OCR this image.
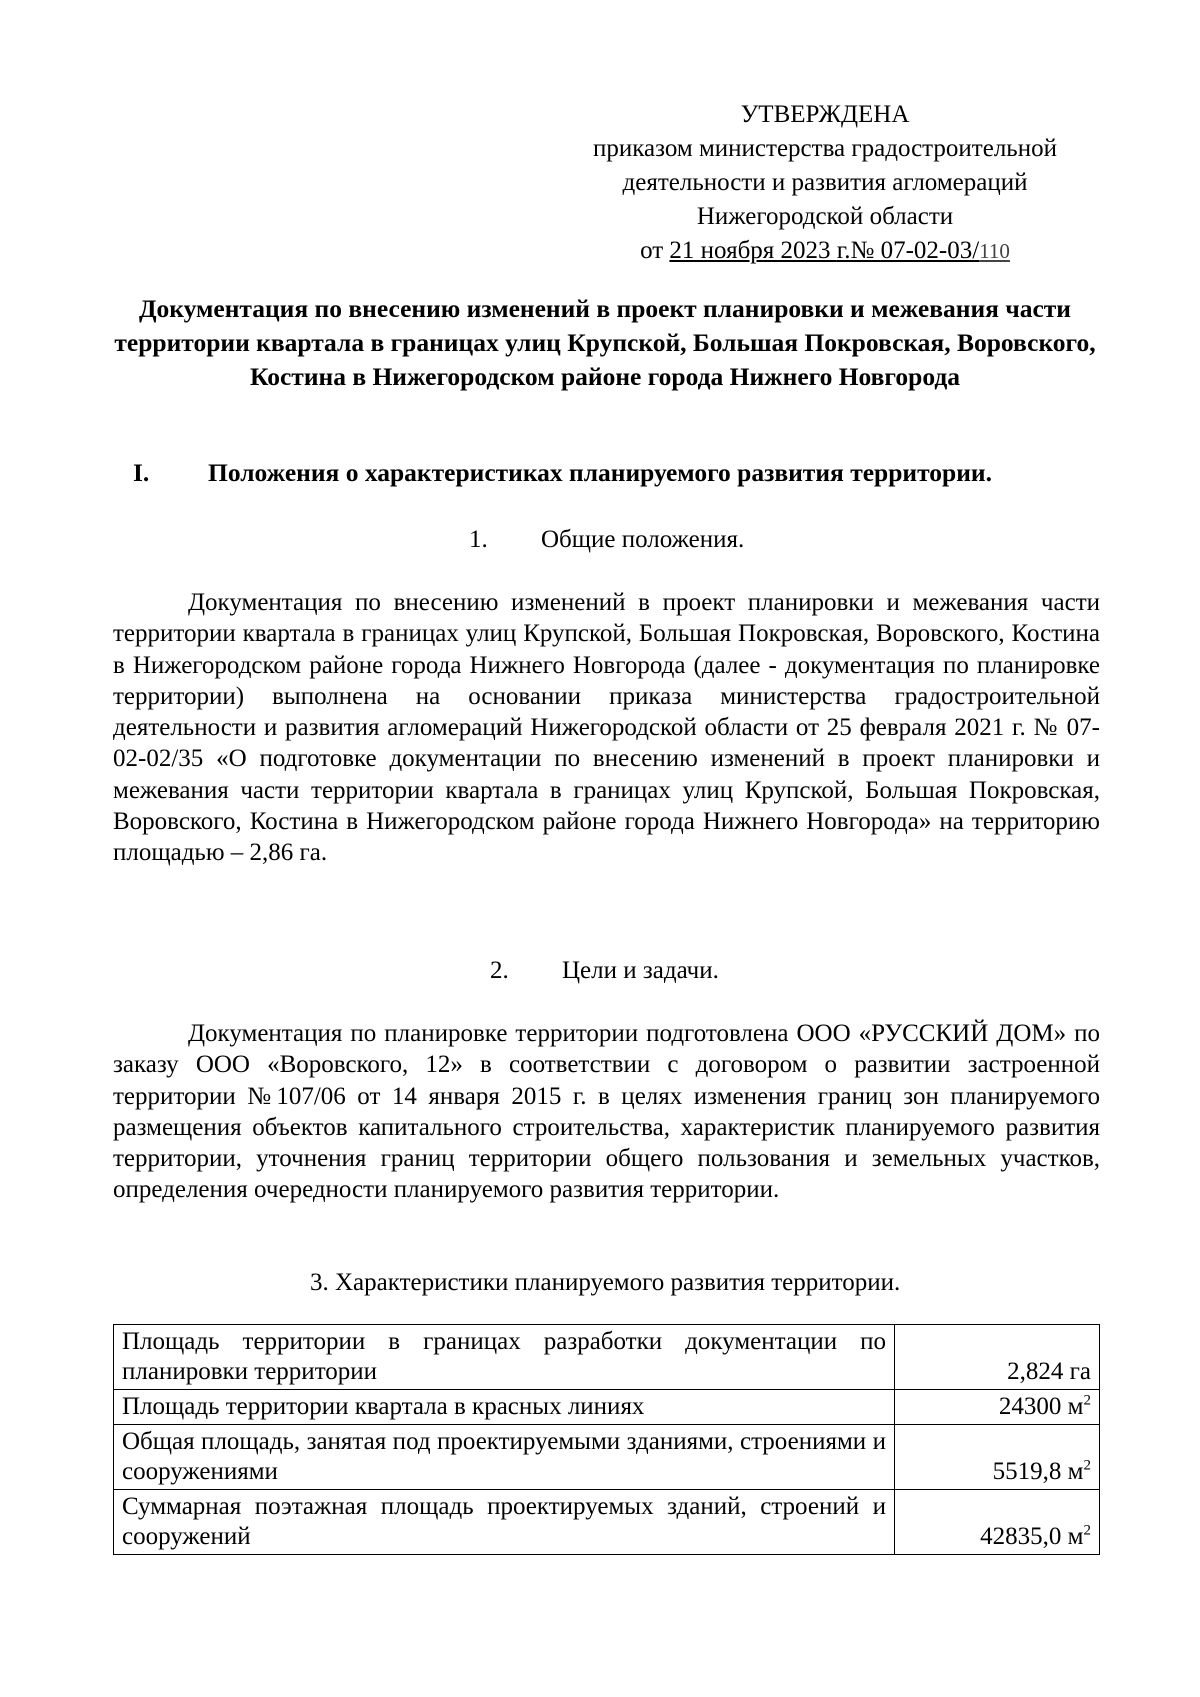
УТВЕРЖДЕНА
приказом министерства градостроительной
деятельности и развития агломераций
Нижегородской области
от 21 ноября 2023 г.№ 07-02-03/110
Документация по внесению изменений в проект планировки и межевания части территории квартала в границах улиц Крупской, Большая Покровская, Воровского, Костина в Нижегородском районе города Нижнего Новгорода
I. Положения о характеристиках планируемого развития территории.
1. Общие положения.
Документация по внесению изменений в проект планировки и межевания части территории квартала в границах улиц Крупской, Большая Покровская, Воровского, Костина в Нижегородском районе города Нижнего Новгорода (далее - документация по планировке территории) выполнена на основании приказа министерства градостроительной деятельности и развития агломераций Нижегородской области от 25 февраля 2021 г. № 07-02-02/35 «О подготовке документации по внесению изменений в проект планировки и межевания части территории квартала в границах улиц Крупской, Большая Покровская, Воровского, Костина в Нижегородском районе города Нижнего Новгорода» на территорию площадью – 2,86 га.
2. Цели и задачи.
Документация по планировке территории подготовлена ООО «РУССКИЙ ДОМ» по заказу ООО «Воровского, 12» в соответствии с договором о развитии застроенной территории №107/06 от 14 января 2015 г. в целях изменения границ зон планируемого размещения объектов капитального строительства, характеристик планируемого развития территории, уточнения границ территории общего пользования и земельных участков, определения очередности планируемого развития территории.
3. Характеристики планируемого развития территории.
Площадь территории в границах разработки документации по планировки территории	2,824 га
Площадь территории квартала в красных линиях	24300 $м^2$
Общая площадь, занятая под проектируемыми зданиями, строениями и сооружениями	5519,8 $м^2$
Суммарная поэтажная площадь проектируемых зданий, строений и сооружений	42835,0 $м^2$
